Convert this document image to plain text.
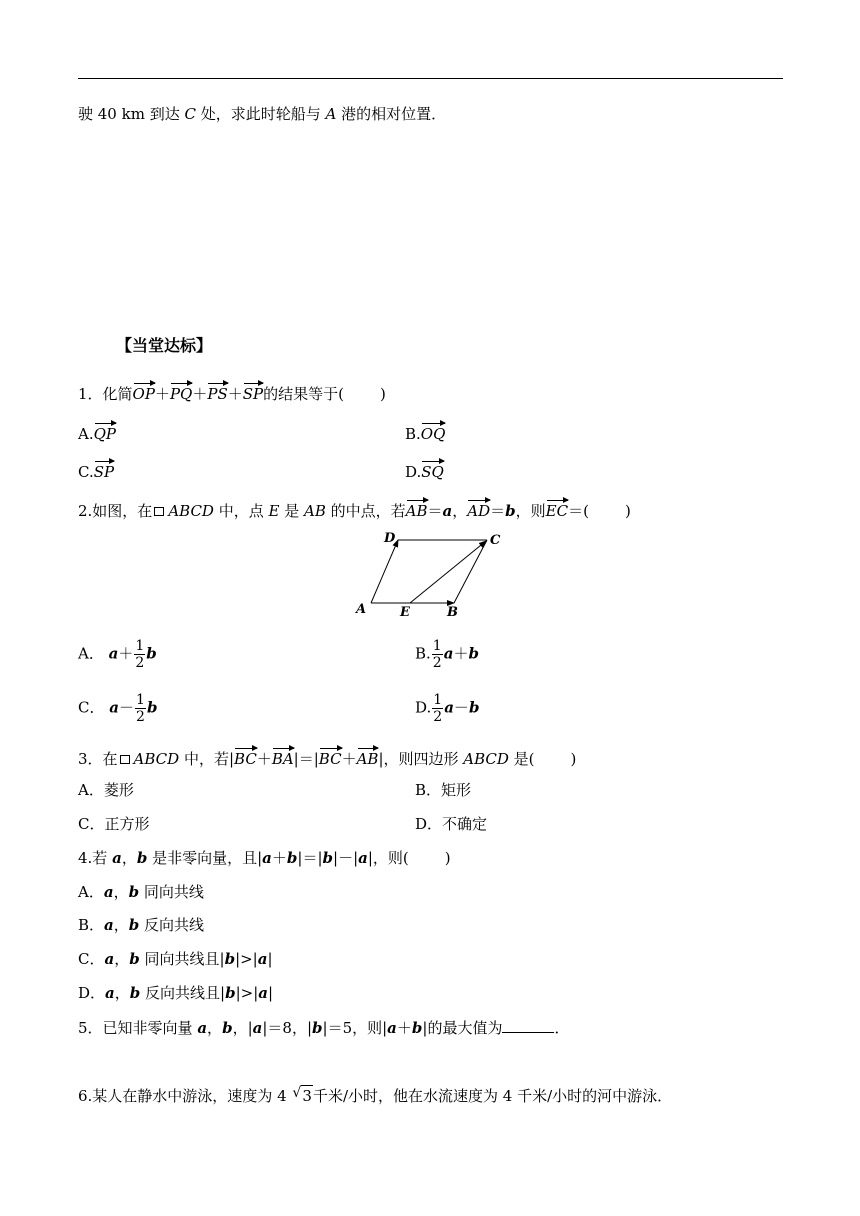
驶 40 km 到达 C 处，求此时轮船与 A 港的相对位置．
【当堂达标】
1．化简OP＋PQ＋PS＋SP的结果等于( )
A.QP	B.OQ
C.SP	D.SQ
2.如图，在 ABCD 中，点 E 是 AB 的中点，若AB＝a，AD＝b，则EC＝( )
D	C
A	E	B
A． $a+ \frac{1}{2}$ b	B. $\frac{1}{2} a+b$
C． $a- \frac{1}{2}$ b	D. $\frac{1}{2} a-b$
3．在 ABCD 中，若|BC＋BA|＝|BC＋AB|，则四边形 ABCD 是( )
A．菱形	B．矩形
C．正方形	D．不确定
4.若 a，b 是非零向量，且|a＋b|＝|b|－|a|，则( )
A．a，b 同向共线
B．a，b 反向共线
C．a，b 同向共线且|b|>|a|
D．a，b 反向共线且|b|>|a|
5．已知非零向量 a，b，|a|＝8，|b|＝5，则|a＋b|的最大值为	．
6.某人在静水中游泳，速度为 4 √ 3千米/小时，他在水流速度为 4 千米/小时的河中游泳．
